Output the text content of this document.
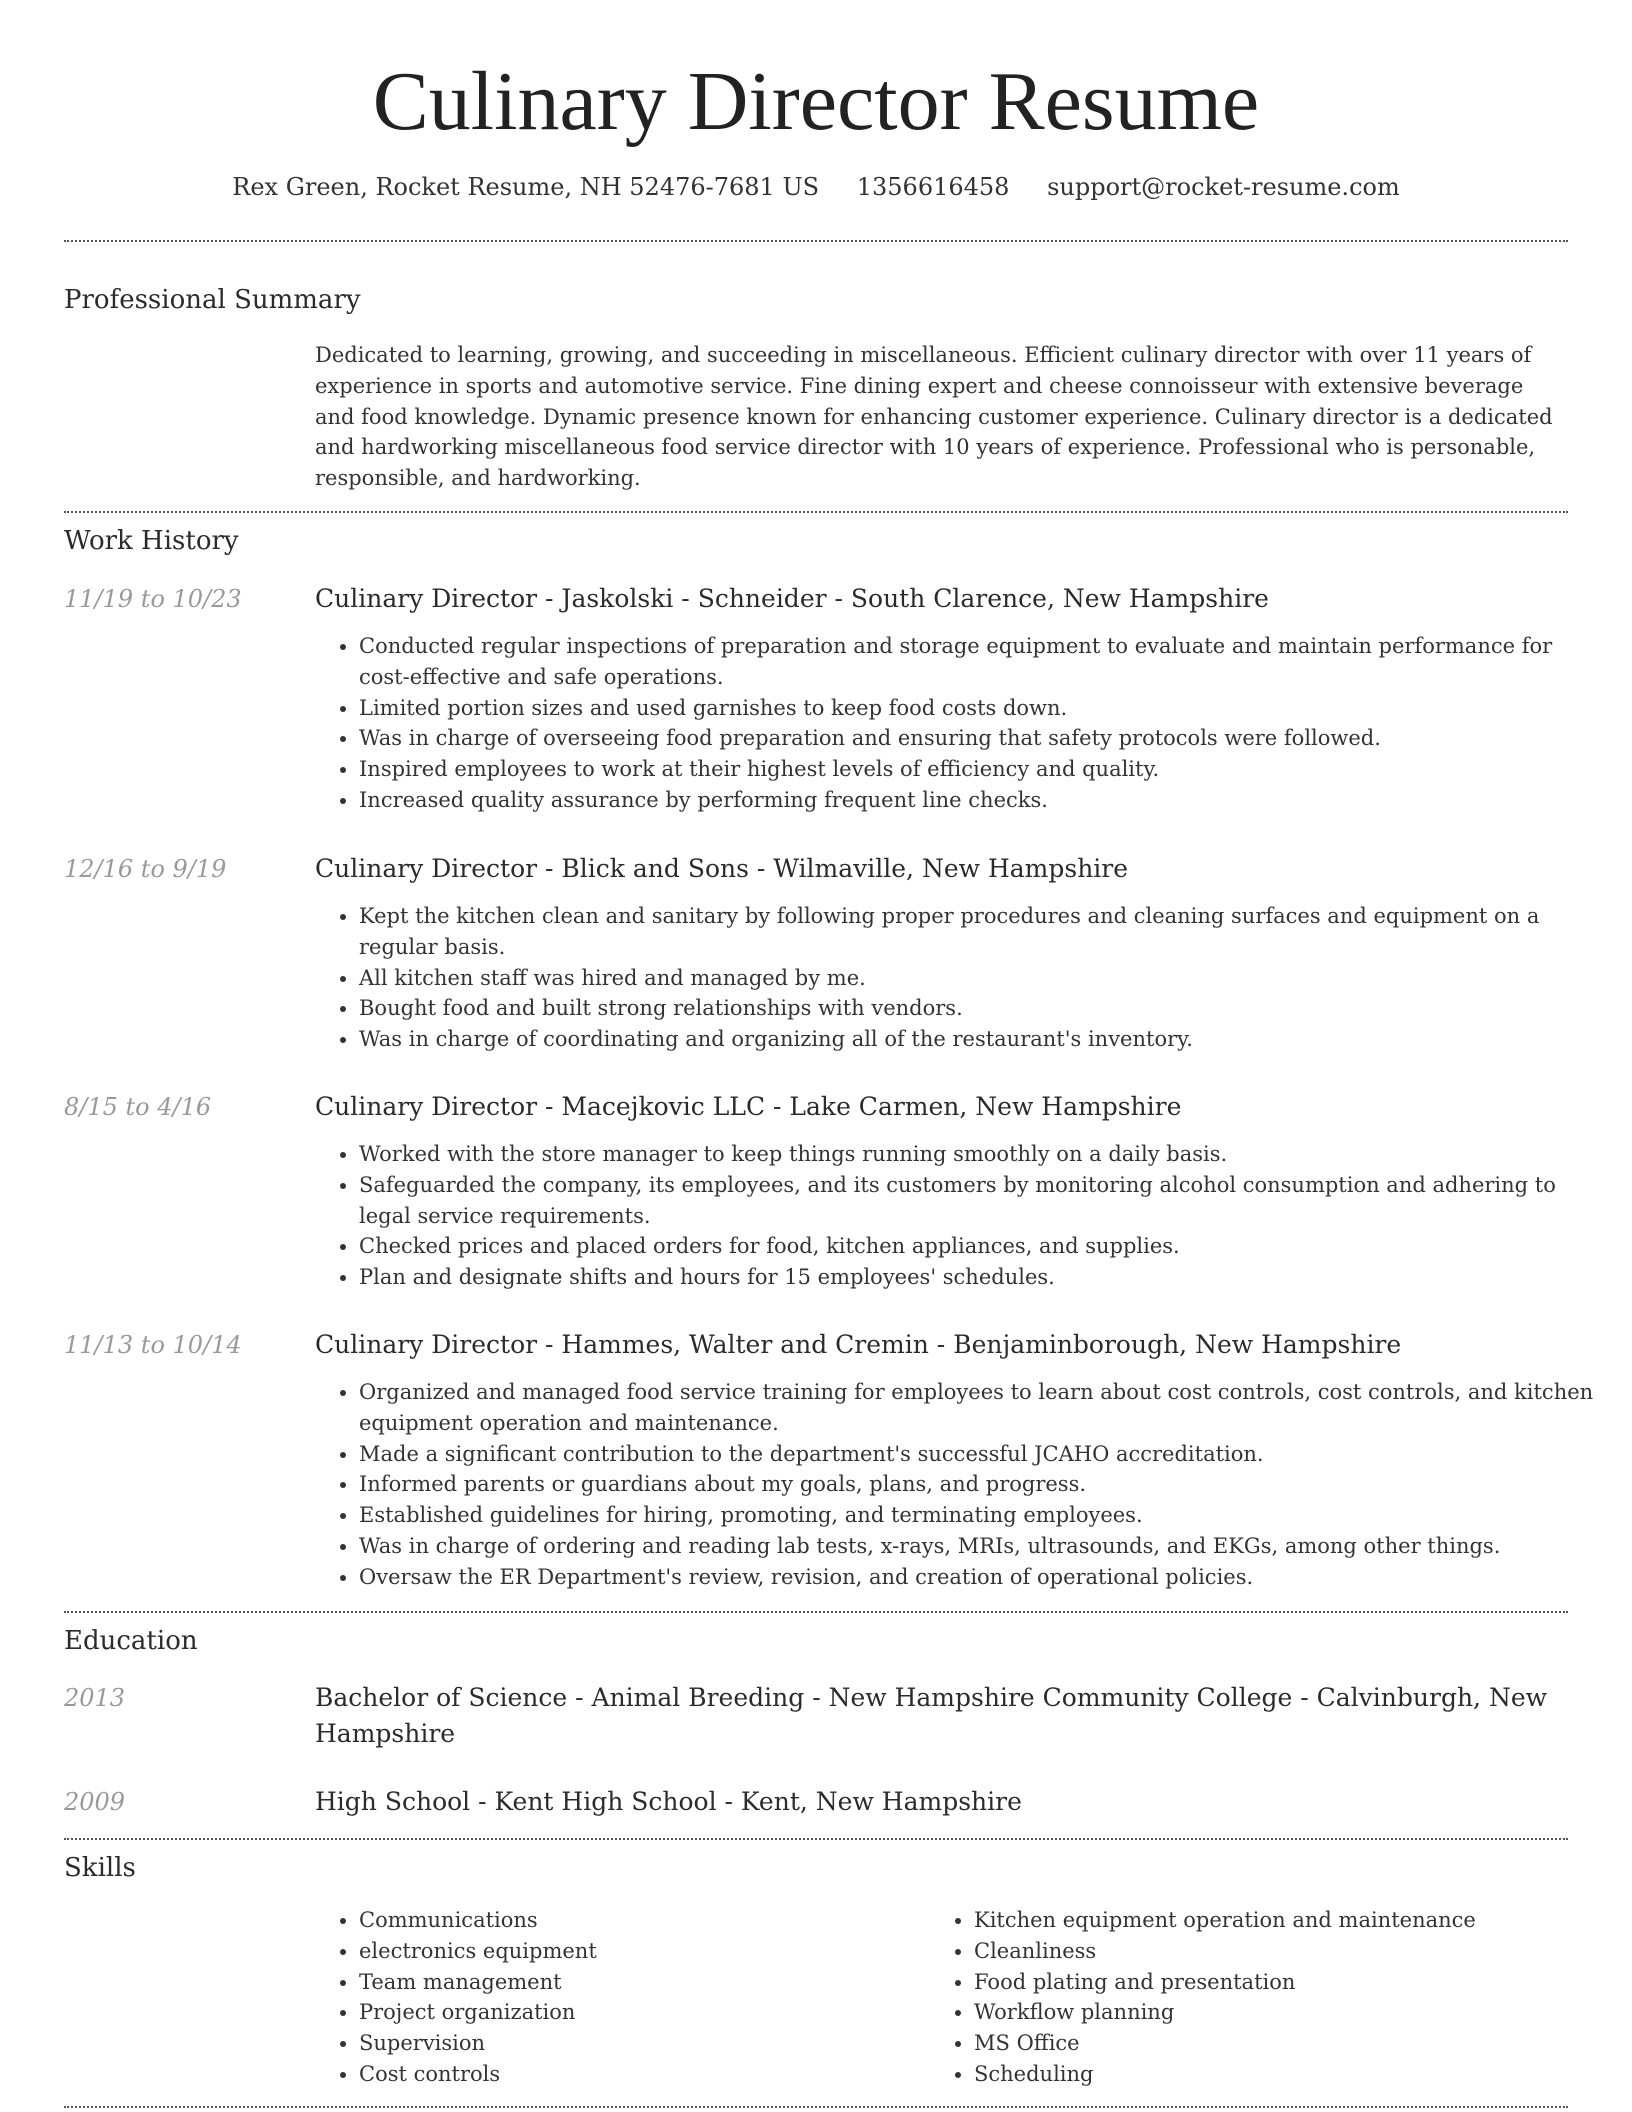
Culinary Director Resume
Rex Green, Rocket Resume, NH 52476-7681 US 1356616458 support@rocket-resume.com
Professional Summary
Dedicated to learning, growing, and succeeding in miscellaneous. Efficient culinary director with over 11 years of experience in sports and automotive service. Fine dining expert and cheese connoisseur with extensive beverage and food knowledge. Dynamic presence known for enhancing customer experience. Culinary director is a dedicated and hardworking miscellaneous food service director with 10 years of experience. Professional who is personable, responsible, and hardworking.
Work History
11/19 to 10/23	Culinary Director - Jaskolski - Schneider - South Clarence, New Hampshire
• Conducted regular inspections of preparation and storage equipment to evaluate and maintain performance for cost-effective and safe operations.
• Limited portion sizes and used garnishes to keep food costs down.
• Was in charge of overseeing food preparation and ensuring that safety protocols were followed.
• Inspired employees to work at their highest levels of efficiency and quality.
• Increased quality assurance by performing frequent line checks.
12/16 to 9/19	Culinary Director - Blick and Sons - Wilmaville, New Hampshire
• Kept the kitchen clean and sanitary by following proper procedures and cleaning surfaces and equipment on a regular basis.
• All kitchen staff was hired and managed by me.
• Bought food and built strong relationships with vendors.
• Was in charge of coordinating and organizing all of the restaurant's inventory.
8/15 to 4/16	Culinary Director - Macejkovic LLC - Lake Carmen, New Hampshire
• Worked with the store manager to keep things running smoothly on a daily basis.
• Safeguarded the company, its employees, and its customers by monitoring alcohol consumption and adhering to legal service requirements.
• Checked prices and placed orders for food, kitchen appliances, and supplies.
• Plan and designate shifts and hours for 15 employees' schedules.
11/13 to 10/14	Culinary Director - Hammes, Walter and Cremin - Benjaminborough, New Hampshire
• Organized and managed food service training for employees to learn about cost controls, cost controls, and kitchen equipment operation and maintenance.
• Made a significant contribution to the department's successful JCAHO accreditation.
• Informed parents or guardians about my goals, plans, and progress.
• Established guidelines for hiring, promoting, and terminating employees.
• Was in charge of ordering and reading lab tests, x-rays, MRIs, ultrasounds, and EKGs, among other things.
• Oversaw the ER Department's review, revision, and creation of operational policies.
Education
2013	Bachelor of Science - Animal Breeding - New Hampshire Community College - Calvinburgh, New Hampshire
2009	High School - Kent High School - Kent, New Hampshire
Skills
• Communications
• electronics equipment
• Team management
• Project organization
• Supervision
• Cost controls
• Kitchen equipment operation and maintenance
• Cleanliness
• Food plating and presentation
• Workflow planning
• MS Office
• Scheduling
